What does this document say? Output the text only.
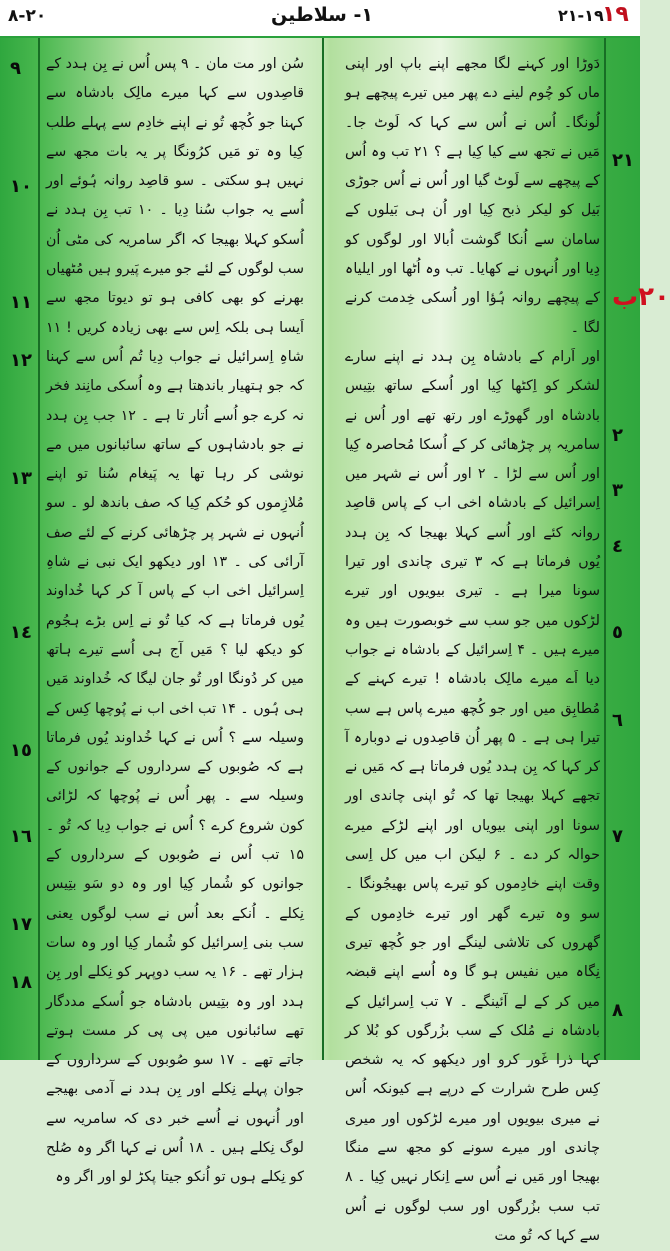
٢٠-٨	١- سلاطین	١٩-٢١
١٩
٢٠ب
٢١
٢
٣
٤
٥
٦
٧
٨
٩
١٠
١١
١٢
١٣
١٤
١٥
١٦
١٧
١٨

دَوڑا اور کہنے لگا مجھے اپنے باپ اور اپنی ماں کو چُوم لینے دے پھر میں تیرے پیچھے ہو لُونگا۔ اُس نے اُس سے کہا کہ لَوٹ جا۔ مَیں نے تجھ سے کیا کِیا ہے ؟ ۲۱ تب وہ اُس کے پیچھے سے لَوٹ گیا اور اُس نے اُس جوڑی بَیل کو لیکر ذبح کِیا اور اُن ہی بَیلوں کے سامان سے اُنکا گوشت اُبالا اور لوگوں کو دِیا اور اُنہوں نے کھایا۔ تب وہ اُٹھا اور ایلیاہ کے پیچھے روانہ ہُؤا اور اُسکی خِدمت کرنے لگا ۔

اور اَرام کے بادشاہ بِن ہدد نے اپنے سارے لشکر کو اِکٹھا کِیا اور اُسکے ساتھ بتِیس بادشاہ اور گھوڑے اور رتھ تھے اور اُس نے سامریہ پر چڑھائی کر کے اُسکا مُحاصرہ کِیا اور اُس سے لڑا ۔ ۲ اور اُس نے شہر میں اِسرائیل کے بادشاہ اخی اب کے پاس قاصِد روانہ کئے اور اُسے کہلا بھیجا کہ بِن ہدد یُوں فرماتا ہے کہ ۳ تیری چاندی اور تیرا سونا میرا ہے ۔ تیری بیویوں اور تیرے لڑکوں میں جو سب سے خوبصورت ہیں وہ میرے ہیں ۔ ۴ اِسرائیل کے بادشاہ نے جواب دیا اَے میرے مالِک بادشاہ ! تیرے کہنے کے مُطابِق میں اور جو کُچھ میرے پاس ہے سب تیرا ہی ہے ۔ ۵ پھر اُن قاصِدوں نے دوبارہ آ کر کہا کہ بِن ہدد یُوں فرماتا ہے کہ مَیں نے تجھے کہلا بھیجا تھا کہ تُو اپنی چاندی اور سونا اور اپنی بیویاں اور اپنے لڑکے میرے حوالہ کر دے ۔ ۶ لیکن اب میں کل اِسی وقت اپنے خادِموں کو تیرے پاس بھیجُونگا ۔ سو وہ تیرے گھر اور تیرے خادِموں کے گھروں کی تلاشی لینگے اور جو کُچھ تیری نِگاہ میں نفیس ہو گا وہ اُسے اپنے قبضہ میں کر کے لے آئینگے ۔ ۷ تب اِسرائیل کے بادشاہ نے مُلک کے سب بزُرگوں کو بُلا کر کہا ذرا غَور کرو اور دیکھو کہ یہ شخص کِس طرح شرارت کے درپے ہے کیونکہ اُس نے میری بیویوں اور میرے لڑکوں اور میری چاندی اور میرے سونے کو مجھ سے منگا بھیجا اور مَیں نے اُس سے اِنکار نہیں کِیا ۔ ۸ تب سب بزُرگوں اور سب لوگوں نے اُس سے کہا کہ تُو مت

سُن اور مت مان ۔ ۹ پس اُس نے بِن ہدد کے قاصِدوں سے کہا میرے مالِک بادشاہ سے کہنا جو کُچھ تُو نے اپنے خادِم سے پہلے طلب کِیا وہ تو مَیں کرُونگا پر یہ بات مجھ سے نہیں ہو سکتی ۔ سو قاصِد روانہ ہُوئے اور اُسے یہ جواب سُنا دِیا ۔ ۱۰ تب بِن ہدد نے اُسکو کہلا بھیجا کہ اگر سامریہ کی مٹی اُن سب لوگوں کے لئے جو میرے پَیرو ہیں مُٹھیاں بھرنے کو بھی کافی ہو تو دیوتا مجھ سے اَیسا ہی بلکہ اِس سے بھی زیادہ کریں ! ۱۱ شاہِ اِسرائیل نے جواب دِیا تُم اُس سے کہنا کہ جو ہتھیار باندھتا ہے وہ اُسکی مانِند فخر نہ کرے جو اُسے اُتار تا ہے ۔ ۱۲ جب بِن ہدد نے جو بادشاہوں کے ساتھ سائبانوں میں مے نوشی کر رہا تھا یہ پَیغام سُنا تو اپنے مُلازِموں کو حُکم کِیا کہ صف باندھ لو ۔ سو اُنہوں نے شہر پر چڑھائی کرنے کے لئے صف آرائی کی ۔ ۱۳ اور دیکھو ایک نبی نے شاہِ اِسرائیل اخی اب کے پاس آ کر کہا خُداوند یُوں فرماتا ہے کہ کیا تُو نے اِس بڑے ہجُوم کو دیکھ لیا ؟ مَیں آج ہی اُسے تیرے ہاتھ میں کر دُونگا اور تُو جان لیگا کہ خُداوند مَیں ہی ہُوں ۔ ۱۴ تب اخی اب نے پُوچھا کِس کے وسیلہ سے ؟ اُس نے کہا خُداوند یُوں فرماتا ہے کہ صُوبوں کے سرداروں کے جوانوں کے وسیلہ سے ۔ پھر اُس نے پُوچھا کہ لڑائی کون شروع کرے ؟ اُس نے جواب دِیا کہ تُو ۔ ۱۵ تب اُس نے صُوبوں کے سرداروں کے جوانوں کو شُمار کِیا اور وہ دو سَو بتِیس نِکلے ۔ اُنکے بعد اُس نے سب لوگوں یعنی سب بنی اِسرائیل کو شُمار کِیا اور وہ سات ہزار تھے ۔ ۱۶ یہ سب دوپہر کو نِکلے اور بِن ہدد اور وہ بتِیس بادشاہ جو اُسکے مددگار تھے سائبانوں میں پی پی کر مست ہوتے جاتے تھے ۔ ۱۷ سو صُوبوں کے سرداروں کے جوان پہلے نِکلے اور بِن ہدد نے آدمی بھیجے اور اُنہوں نے اُسے خبر دی کہ سامریہ سے لوگ نِکلے ہیں ۔ ۱۸ اُس نے کہا اگر وہ صُلح کو نِکلے ہوں تو اُنکو جیتا پکڑ لو اور اگر وہ
